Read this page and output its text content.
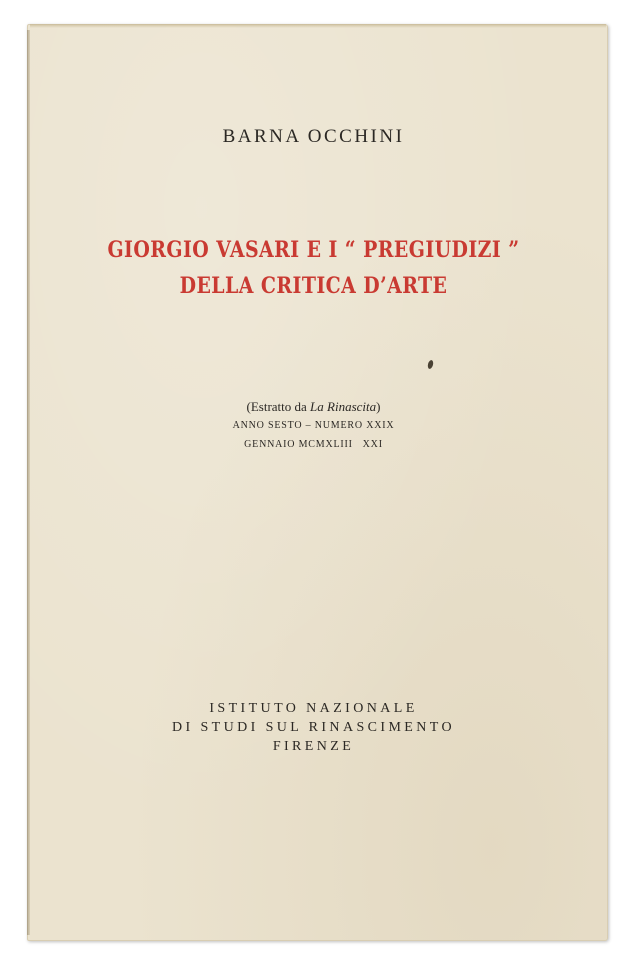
BARNA OCCHINI
GIORGIO VASARI E I “ PREGIUDIZI ”
DELLA CRITICA D’ARTE
(Estratto da La Rinascita)
ANNO SESTO – NUMERO XXIX
GENNAIO MCMXLIII   XXI
ISTITUTO NAZIONALE
DI STUDI SUL RINASCIMENTO
FIRENZE
